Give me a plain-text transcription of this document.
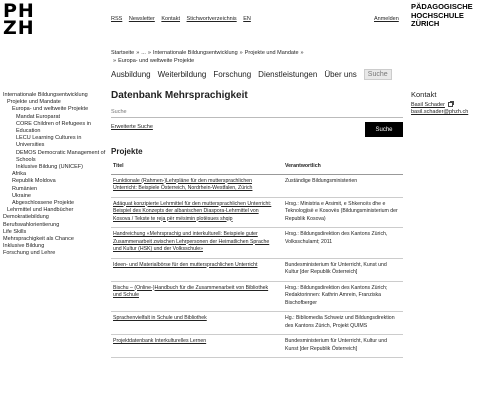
PH
ZH	RSS Newsletter Kontakt Stichwortverzeichnis EN	Anmelden
PÄDAGOGISCHE
HOCHSCHULE
ZÜRICH
Startseite » ... » Internationale Bildungsentwicklung » Projekte und Mandate »
» Europa- und weltweite Projekte
Ausbildung Weiterbildung Forschung Dienstleistungen Über uns	Suche
Internationale Bildungsentwicklung
Projekte und Mandate
Europa- und weltweite Projekte
Mandat Europarat
CORE Children of Refugees in Education
LECU Learning Cultures in Universities
DEMOS Democratic Management of Schools
Inklusive Bildung (UNICEF)
Afrika
Republik Moldova
Rumänien
Ukraine
Abgeschlossene Projekte
Lehrmittel und Handbücher
Demokratiebildung
Berufswahlorientierung
Life Skills
Mehrsprachigkeit als Chance
Inklusive Bildung
Forschung und Lehre
Datenbank Mehrsprachigkeit
Suche
Erweiterte Suche	Suche
Projekte
Titel	Verantwortlich
Funktionale (Rahmen-)Lehrpläne für den muttersprachlichen Unterricht: Beispiele Österreich, Nordrhein-Westfalen, Zürich	Zuständige Bildungsministerien
Adäquat konzipierte Lehrmittel für den muttersprachlichen Unterricht: Beispiel des Konzepts der albanischen Diaspora-Lehrmittel von Kosova / Tekste te reja për mësimin plotësues shqip	Hrsg.: Ministria e Arsimit, e Shkencës dhe e Teknologjisë e Kosovës (Bildungsministerium der Republik Kosova)
Handreichung «Mehrsprachig und interkulturell: Beispiele guter Zusammenarbeit zwischen Lehrpersonen der Heimatlichen Sprache und Kultur (HSK) und der Volksschule»	Hrsg.: Bildungsdirektion des Kantons Zürich, Volksschulamt; 2011
Ideen- und Materialbörse für den muttersprachlichen Unterricht	Bundesministerium für Unterricht, Kunst und Kultur [der Republik Österreich]
Bischu – (Online-)Handbuch für die Zusammenarbeit von Bibliothek und Schule	Hrsg.: Bildungsdirektion des Kantons Zürich; Redaktorinnen: Kathrin Amrein, Franziska Bischofberger
Sprachenvielfalt in Schule und Bibliothek	Hg.: Bibliomedia Schweiz und Bildungsdirektion des Kantons Zürich, Projekt QUIMS
Projektdatenbank Interkulturelles Lernen	Bundesministerium für Unterricht, Kultur und Kunst [der Republik Österreich]
Kontakt
Basil Schader
basil.schader@phzh.ch
